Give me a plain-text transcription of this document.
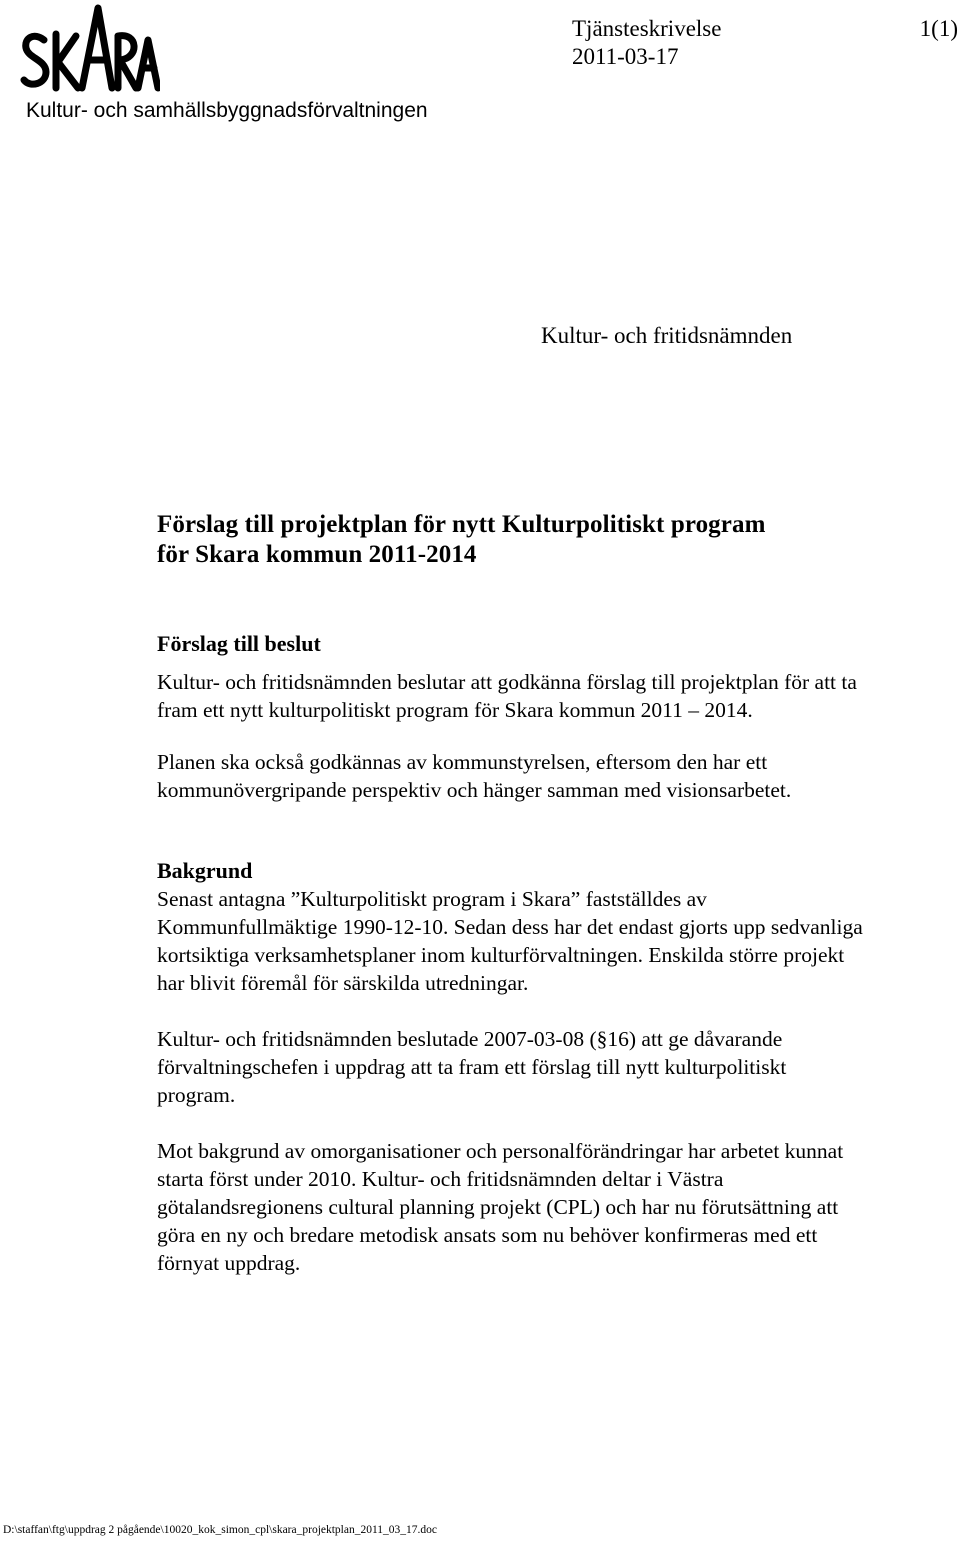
Kultur- och samhällsbyggnadsförvaltningen
Tjänsteskrivelse
2011-03-17
1(1)
Kultur- och fritidsnämnden
Förslag till projektplan för nytt Kulturpolitiskt program
för Skara kommun 2011-2014
Förslag till beslut

Kultur- och fritidsnämnden beslutar att godkänna förslag till projektplan för att ta
fram ett nytt kulturpolitiskt program för Skara kommun 2011 – 2014.

Planen ska också godkännas av kommunstyrelsen, eftersom den har ett
kommunövergripande perspektiv och hänger samman med visionsarbetet.

Bakgrund

Senast antagna ”Kulturpolitiskt program i Skara” fastställdes av
Kommunfullmäktige 1990-12-10. Sedan dess har det endast gjorts upp sedvanliga
kortsiktiga verksamhetsplaner inom kulturförvaltningen. Enskilda större projekt
har blivit föremål för särskilda utredningar.

Kultur- och fritidsnämnden beslutade 2007-03-08 (§16) att ge dåvarande
förvaltningschefen i uppdrag att ta fram ett förslag till nytt kulturpolitiskt
program.

Mot bakgrund av omorganisationer och personalförändringar har arbetet kunnat
starta först under 2010. Kultur- och fritidsnämnden deltar i Västra
götalandsregionens cultural planning projekt (CPL) och har nu förutsättning att
göra en ny och bredare metodisk ansats som nu behöver konfirmeras med ett
förnyat uppdrag.

D:\staffan\ftg\uppdrag 2 pågående\10020_kok_simon_cpl\skara_projektplan_2011_03_17.doc
